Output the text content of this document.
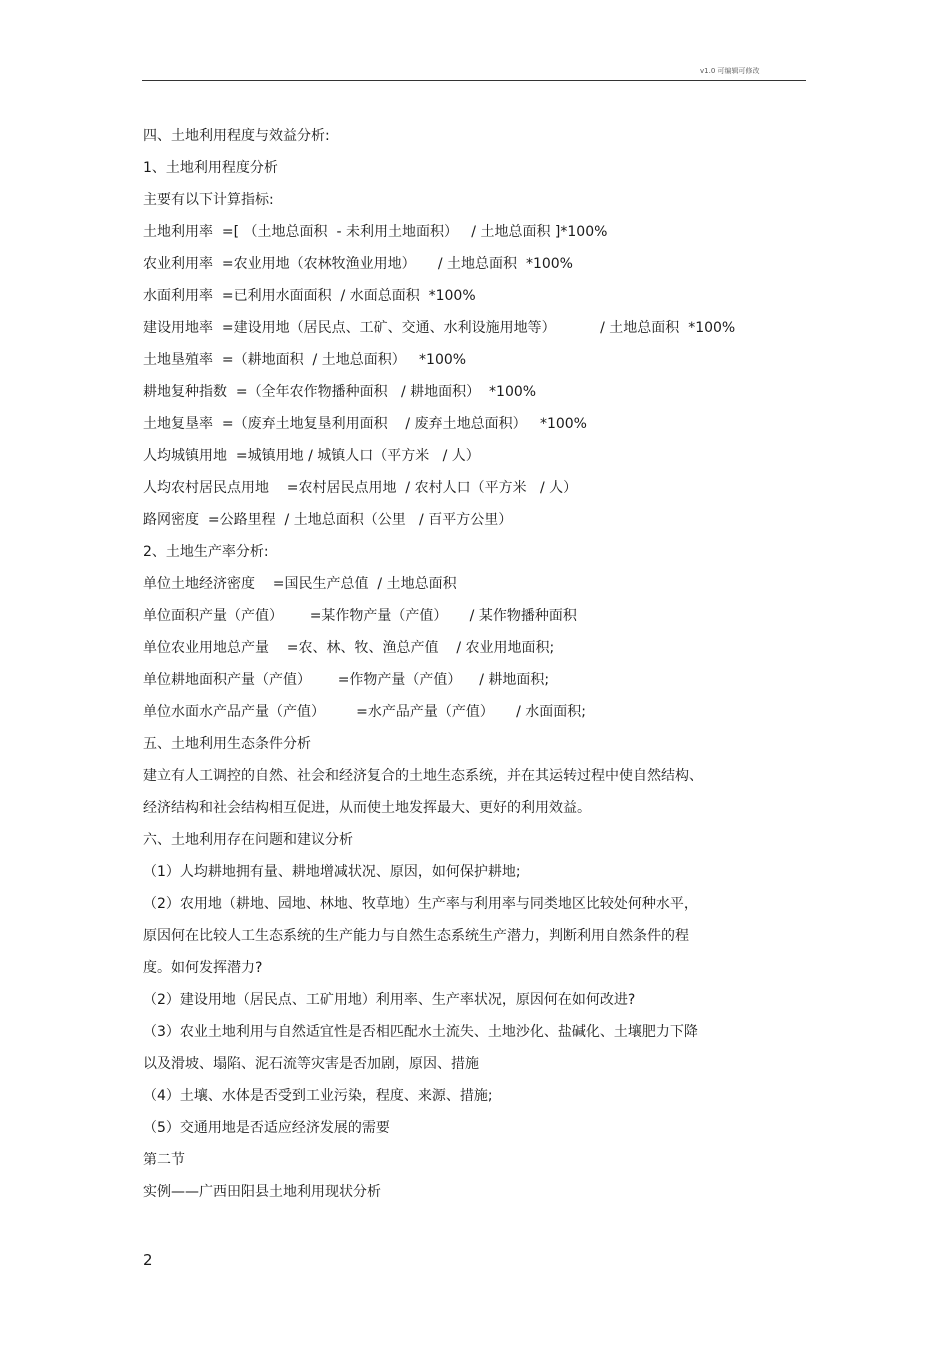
v1.0 可编辑可修改
四、土地利用程度与效益分析:
1、土地利用程度分析
主要有以下计算指标:
土地利用率  =[ （土地总面积  - 未利用土地面积）   / 土地总面积 ]*100%
农业利用率  =农业用地（农林牧渔业用地）     / 土地总面积  *100%
水面利用率  =已利用水面面积  / 水面总面积  *100%
建设用地率  =建设用地（居民点、工矿、交通、水利设施用地等）          / 土地总面积  *100%
土地垦殖率  =（耕地面积  / 土地总面积）   *100%
耕地复种指数  =（全年农作物播种面积   / 耕地面积）  *100%
土地复垦率  =（废弃土地复垦利用面积    / 废弃土地总面积）   *100%
人均城镇用地  =城镇用地 / 城镇人口（平方米   / 人）
人均农村居民点用地    =农村居民点用地  / 农村人口（平方米   / 人）
路网密度  =公路里程  / 土地总面积（公里   / 百平方公里）
2、土地生产率分析:
单位土地经济密度    =国民生产总值  / 土地总面积
单位面积产量（产值）      =某作物产量（产值）     / 某作物播种面积
单位农业用地总产量    =农、林、牧、渔总产值    / 农业用地面积;
单位耕地面积产量（产值）      =作物产量（产值）    / 耕地面积;
单位水面水产品产量（产值）       =水产品产量（产值）     / 水面面积;
五、土地利用生态条件分析
建立有人工调控的自然、社会和经济复合的土地生态系统，并在其运转过程中使自然结构、
经济结构和社会结构相互促进，从而使土地发挥最大、更好的利用效益。
六、土地利用存在问题和建议分析
（1）人均耕地拥有量、耕地增减状况、原因，如何保护耕地;
（2）农用地（耕地、园地、林地、牧草地）生产率与利用率与同类地区比较处何种水平，
原因何在比较人工生态系统的生产能力与自然生态系统生产潜力，判断利用自然条件的程
度。如何发挥潜力?
（2）建设用地（居民点、工矿用地）利用率、生产率状况，原因何在如何改进?
（3）农业土地利用与自然适宜性是否相匹配水土流失、土地沙化、盐碱化、土壤肥力下降
以及滑坡、塌陷、泥石流等灾害是否加剧，原因、措施
（4）土壤、水体是否受到工业污染，程度、来源、措施;
（5）交通用地是否适应经济发展的需要
第二节
实例——广西田阳县土地利用现状分析
2
